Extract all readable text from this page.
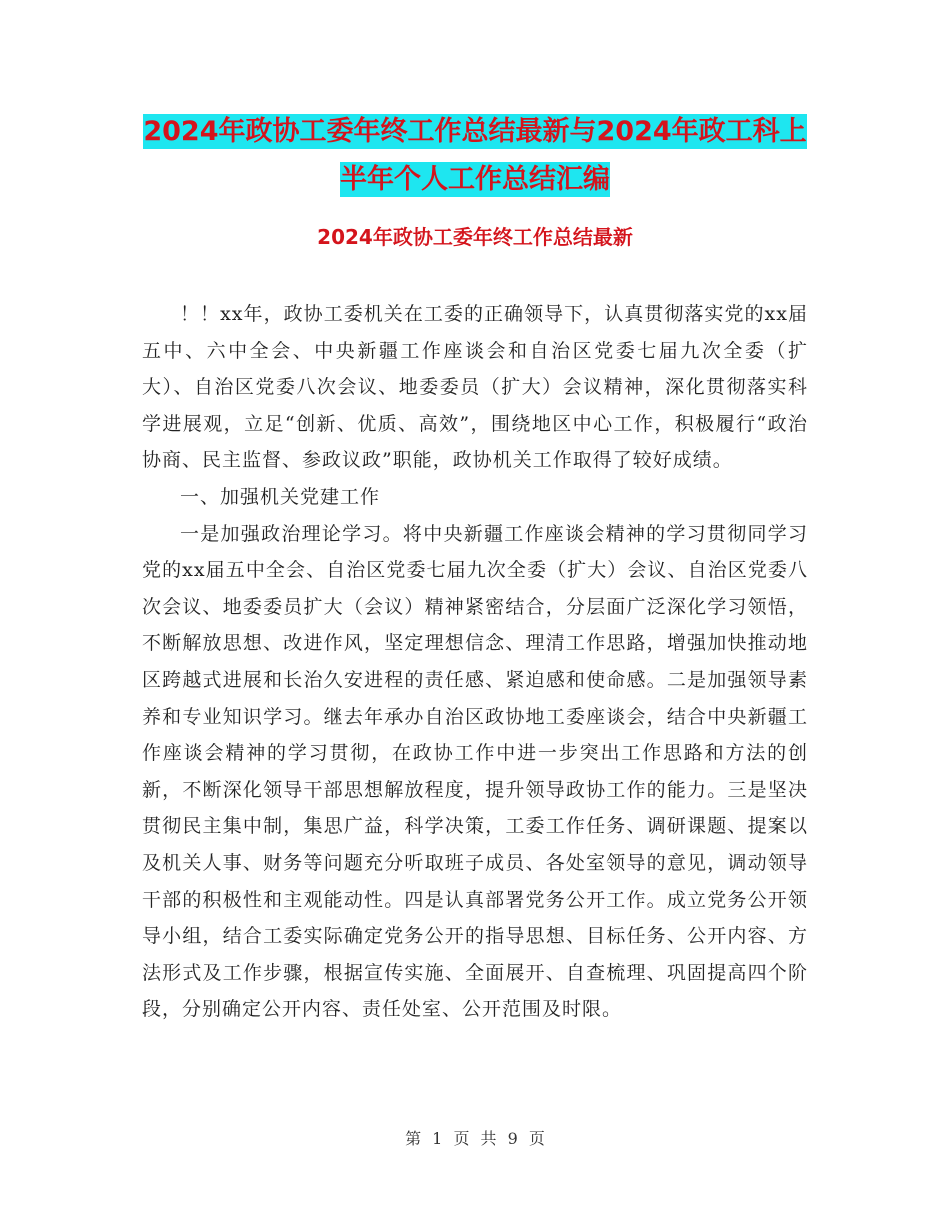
2024年政协工委年终工作总结最新与2024年政工科上
半年个人工作总结汇编
2024年政协工委年终工作总结最新

！！xx年，政协工委机关在工委的正确领导下，认真贯彻落实党的xx届五中、六中全会、中央新疆工作座谈会和自治区党委七届九次全委（扩大）、自治区党委八次会议、地委委员（扩大）会议精神，深化贯彻落实科学进展观，立足“创新、优质、高效”，围绕地区中心工作，积极履行“政治协商、民主监督、参政议政”职能，政协机关工作取得了较好成绩。

一、加强机关党建工作

一是加强政治理论学习。将中央新疆工作座谈会精神的学习贯彻同学习党的xx届五中全会、自治区党委七届九次全委（扩大）会议、自治区党委八次会议、地委委员扩大（会议）精神紧密结合，分层面广泛深化学习领悟，不断解放思想、改进作风，坚定理想信念、理清工作思路，增强加快推动地区跨越式进展和长治久安进程的责任感、紧迫感和使命感。二是加强领导素养和专业知识学习。继去年承办自治区政协地工委座谈会，结合中央新疆工作座谈会精神的学习贯彻，在政协工作中进一步突出工作思路和方法的创新，不断深化领导干部思想解放程度，提升领导政协工作的能力。三是坚决贯彻民主集中制，集思广益，科学决策，工委工作任务、调研课题、提案以及机关人事、财务等问题充分听取班子成员、各处室领导的意见，调动领导干部的积极性和主观能动性。四是认真部署党务公开工作。成立党务公开领导小组，结合工委实际确定党务公开的指导思想、目标任务、公开内容、方法形式及工作步骤，根据宣传实施、全面展开、自查梳理、巩固提高四个阶段，分别确定公开内容、责任处室、公开范围及时限。

第 1 页 共 9 页
